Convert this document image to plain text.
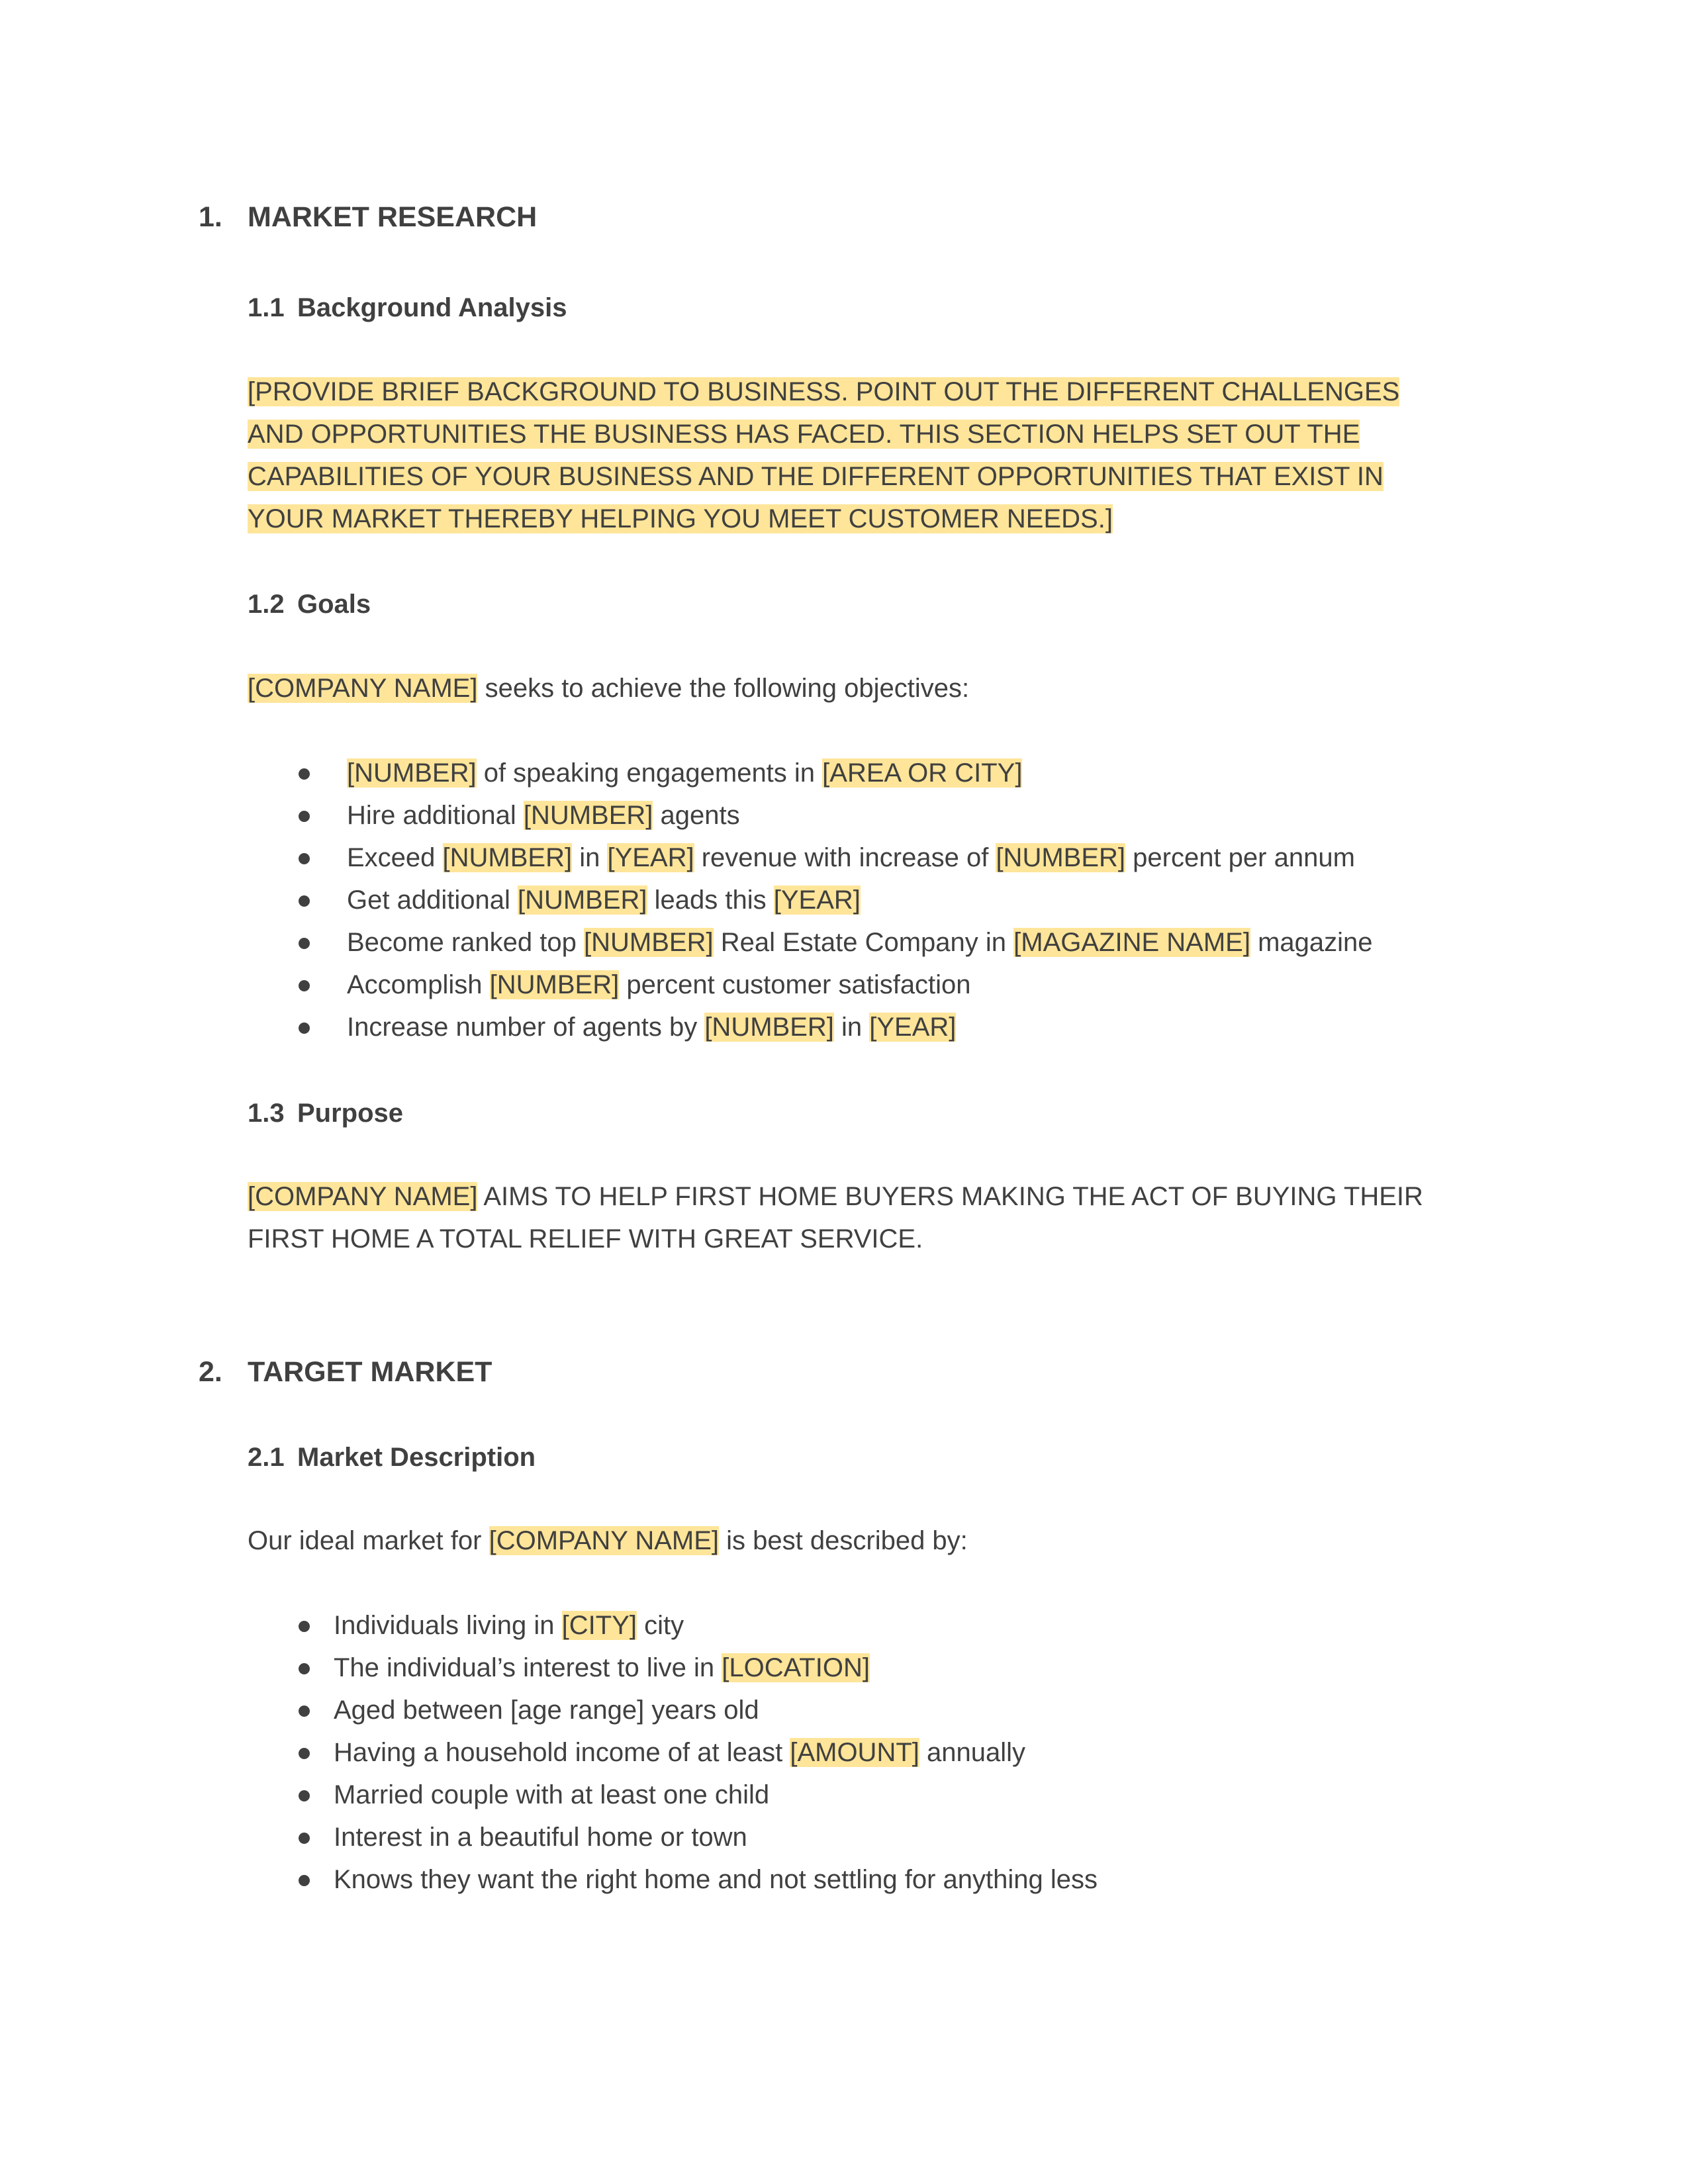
1. MARKET RESEARCH
1.1 Background Analysis
[PROVIDE BRIEF BACKGROUND TO BUSINESS. POINT OUT THE DIFFERENT CHALLENGES AND OPPORTUNITIES THE BUSINESS HAS FACED. THIS SECTION HELPS SET OUT THE CAPABILITIES OF YOUR BUSINESS AND THE DIFFERENT OPPORTUNITIES THAT EXIST IN YOUR MARKET THEREBY HELPING YOU MEET CUSTOMER NEEDS.]
1.2 Goals
[COMPANY NAME] seeks to achieve the following objectives:
[NUMBER] of speaking engagements in [AREA OR CITY]
Hire additional [NUMBER] agents
Exceed [NUMBER] in [YEAR] revenue with increase of [NUMBER] percent per annum
Get additional [NUMBER] leads this [YEAR]
Become ranked top [NUMBER] Real Estate Company in [MAGAZINE NAME] magazine
Accomplish [NUMBER] percent customer satisfaction
Increase number of agents by [NUMBER] in [YEAR]
1.3 Purpose
[COMPANY NAME] AIMS TO HELP FIRST HOME BUYERS MAKING THE ACT OF BUYING THEIR FIRST HOME A TOTAL RELIEF WITH GREAT SERVICE.
2. TARGET MARKET
2.1 Market Description
Our ideal market for [COMPANY NAME] is best described by:
Individuals living in [CITY] city
The individual’s interest to live in [LOCATION]
Aged between [age range] years old
Having a household income of at least [AMOUNT] annually
Married couple with at least one child
Interest in a beautiful home or town
Knows they want the right home and not settling for anything less
